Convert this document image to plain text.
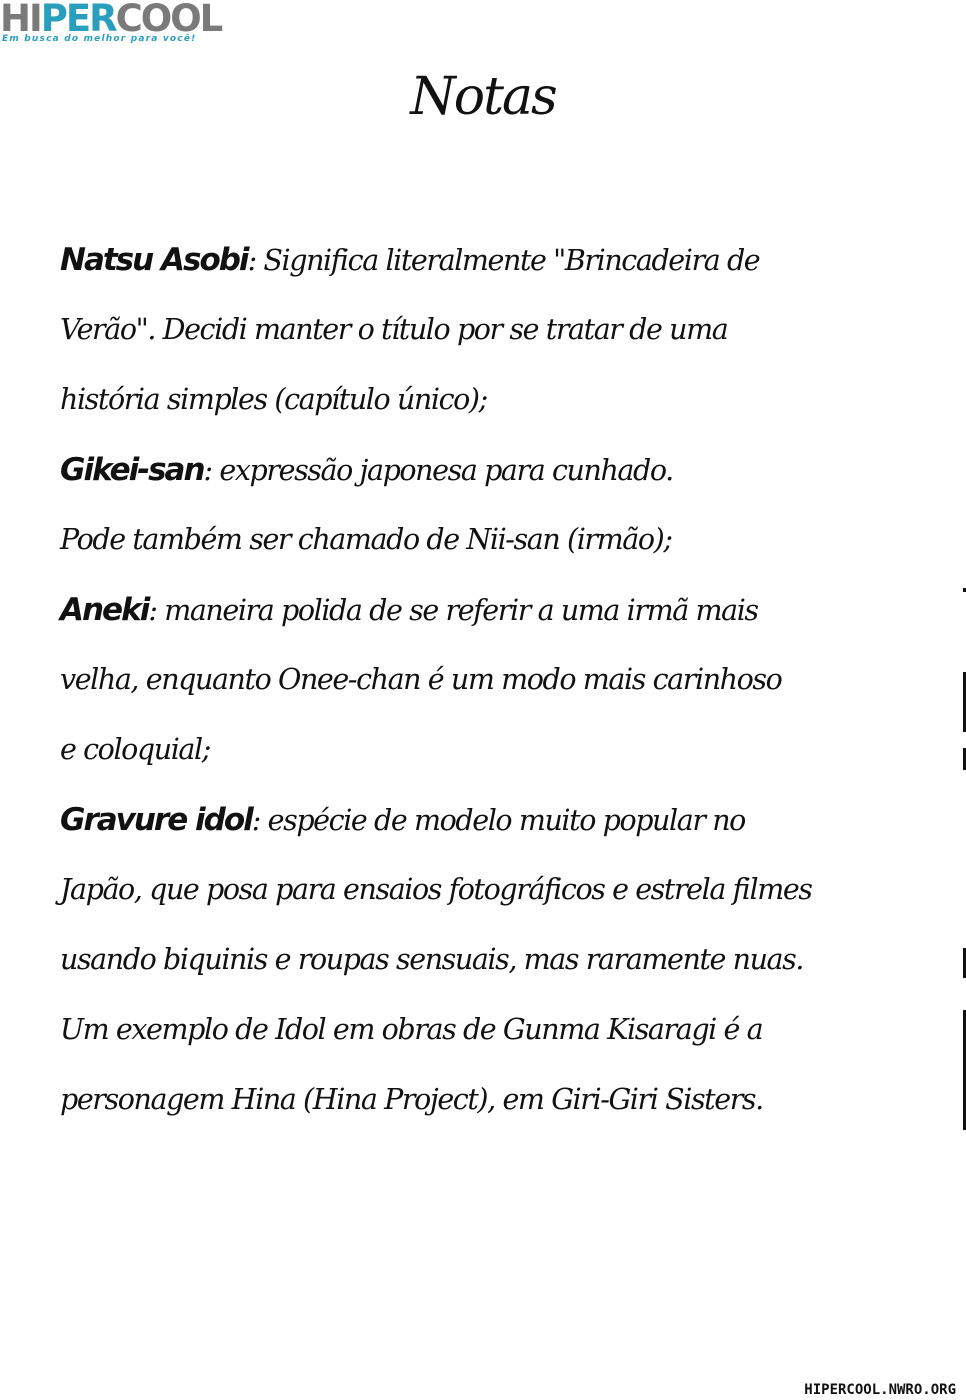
HIPERCOOL
Em busca do melhor para você!
Notas
Natsu Asobi: Significa literalmente "Brincadeira de
Verão". Decidi manter o título por se tratar de uma
história simples (capítulo único);
Gikei-san: expressão japonesa para cunhado.
Pode também ser chamado de Nii-san (irmão);
Aneki: maneira polida de se referir a uma irmã mais
velha, enquanto Onee-chan é um modo mais carinhoso
e coloquial;
Gravure idol: espécie de modelo muito popular no
Japão, que posa para ensaios fotográficos e estrela filmes
usando biquinis e roupas sensuais, mas raramente nuas.
Um exemplo de Idol em obras de Gunma Kisaragi é a
personagem Hina (Hina Project), em Giri-Giri Sisters.
HIPERCOOL.NWRO.ORG
